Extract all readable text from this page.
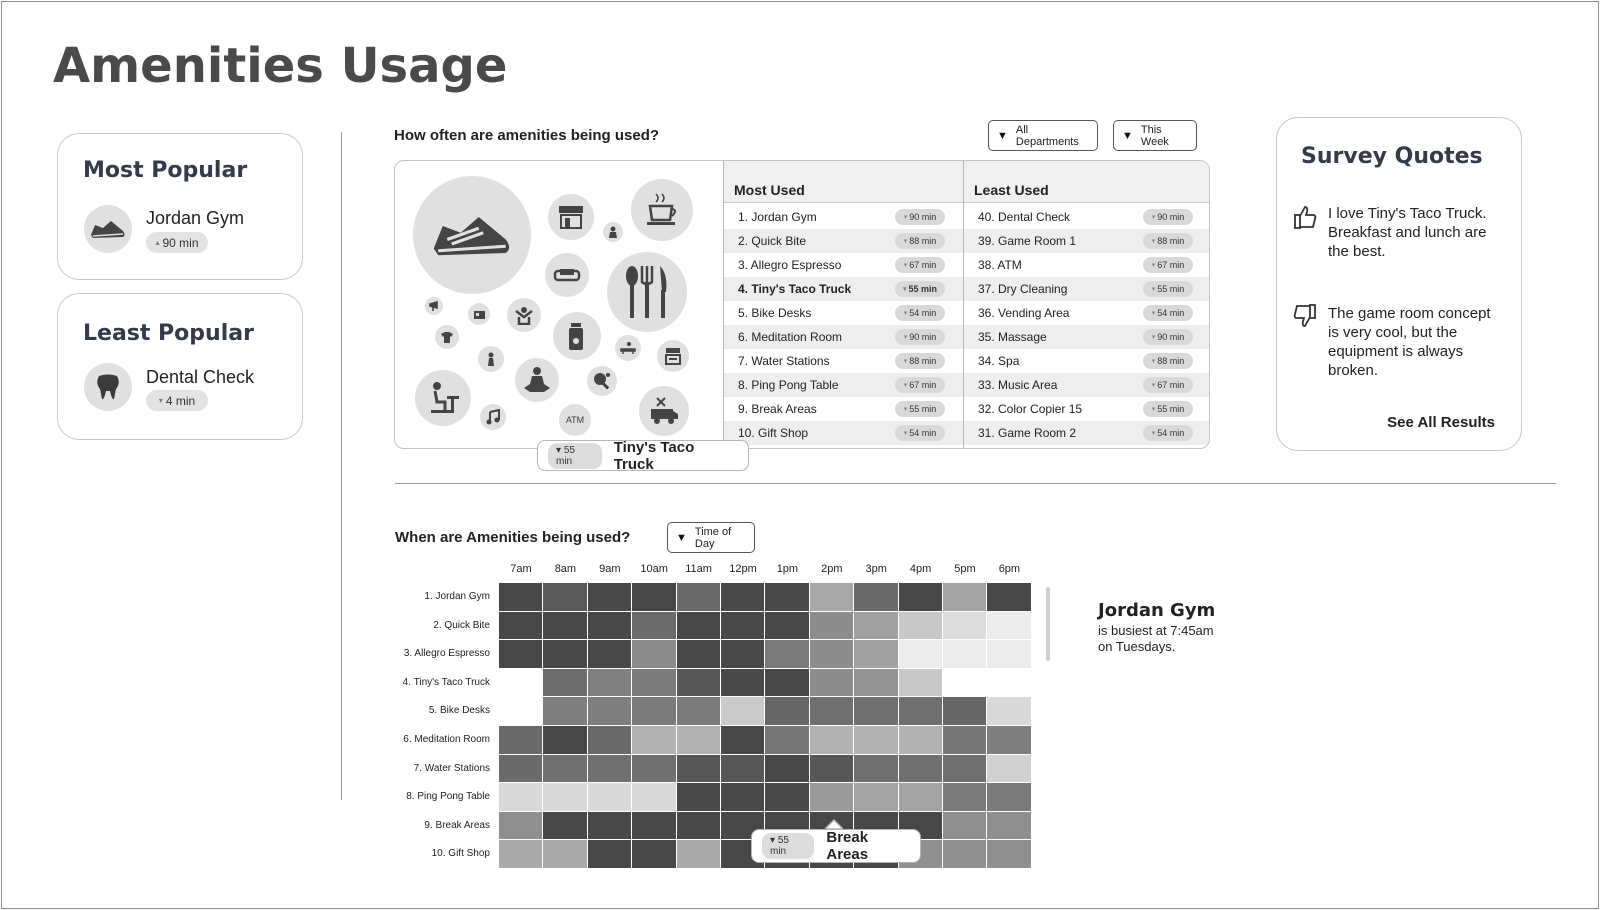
Amenities Usage
Most Popular
Jordan Gym
▴ 90 min
Least Popular
Dental Check
▾ 4 min
How often are amenities being used?	▼ All Departments	▼ This Week
ATM
Most Used
1. Jordan Gym	▾ 90 min
2. Quick Bite	▾ 88 min
3. Allegro Espresso	▾ 67 min
4. Tiny's Taco Truck	▾ 55 min
5. Bike Desks	▾ 54 min
6. Meditation Room	▾ 90 min
7. Water Stations	▾ 88 min
8. Ping Pong Table	▾ 67 min
9. Break Areas	▾ 55 min
10. Gift Shop	▾ 54 min
Least Used
40. Dental Check	▾ 90 min
39. Game Room 1	▾ 88 min
38. ATM	▾ 67 min
37. Dry Cleaning	▾ 55 min
36. Vending Area	▾ 54 min
35. Massage	▾ 90 min
34. Spa	▾ 88 min
33. Music Area	▾ 67 min
32. Color Copier 15	▾ 55 min
31. Game Room 2	▾ 54 min
▾ 55 min
Tiny's Taco Truck
Survey Quotes
I love Tiny's Taco Truck. Breakfast and lunch are the best.
The game room concept is very cool, but the equipment is always broken.
See All Results
When are Amenities being used?	▼ Time of Day
7am	8am	9am	10am	11am	12pm	1pm	2pm	3pm	4pm	5pm	6pm
1. Jordan Gym
2. Quick Bite
3. Allegro Espresso
4. Tiny's Taco Truck
5. Bike Desks
6. Meditation Room
7. Water Stations
8. Ping Pong Table
9. Break Areas
10. Gift Shop
▾ 55 min
Break Areas
Jordan Gym
is busiest at 7:45am
on Tuesdays.
